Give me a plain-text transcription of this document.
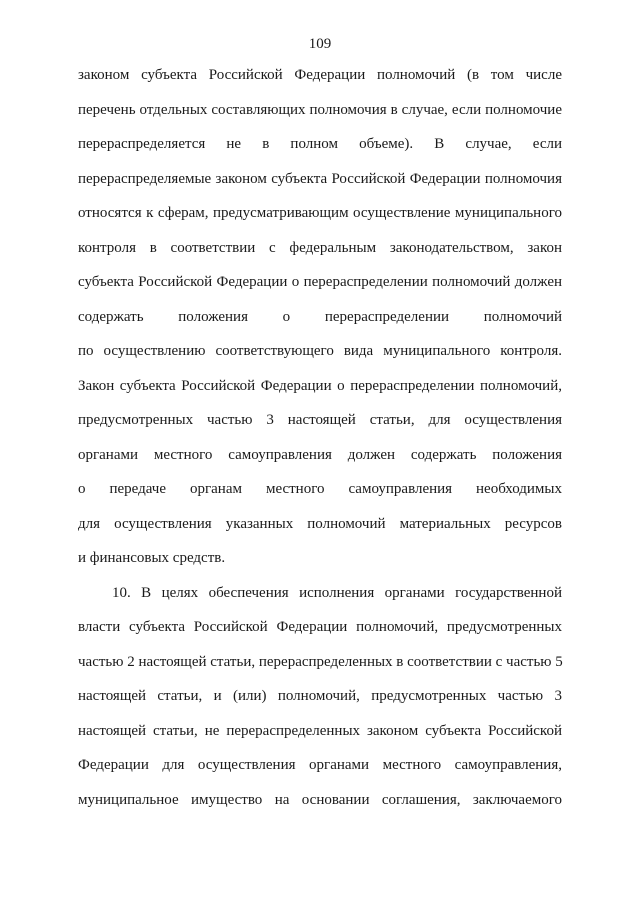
109
законом субъекта Российской Федерации полномочий (в том числе
перечень отдельных составляющих полномочия в случае, если полномочие
перераспределяется не в полном объеме). В случае, если
перераспределяемые законом субъекта Российской Федерации полномочия
относятся к сферам, предусматривающим осуществление муниципального
контроля в соответствии с федеральным законодательством, закон
субъекта Российской Федерации о перераспределении полномочий должен
содержать положения о перераспределении полномочий
по осуществлению соответствующего вида муниципального контроля.
Закон субъекта Российской Федерации о перераспределении полномочий,
предусмотренных частью 3 настоящей статьи, для осуществления
органами местного самоуправления должен содержать положения
о передаче органам местного самоуправления необходимых
для осуществления указанных полномочий материальных ресурсов
и финансовых средств.
10. В целях обеспечения исполнения органами государственной
власти субъекта Российской Федерации полномочий, предусмотренных
частью 2 настоящей статьи, перераспределенных в соответствии с частью 5
настоящей статьи, и (или) полномочий, предусмотренных частью 3
настоящей статьи, не перераспределенных законом субъекта Российской
Федерации для осуществления органами местного самоуправления,
муниципальное имущество на основании соглашения, заключаемого
